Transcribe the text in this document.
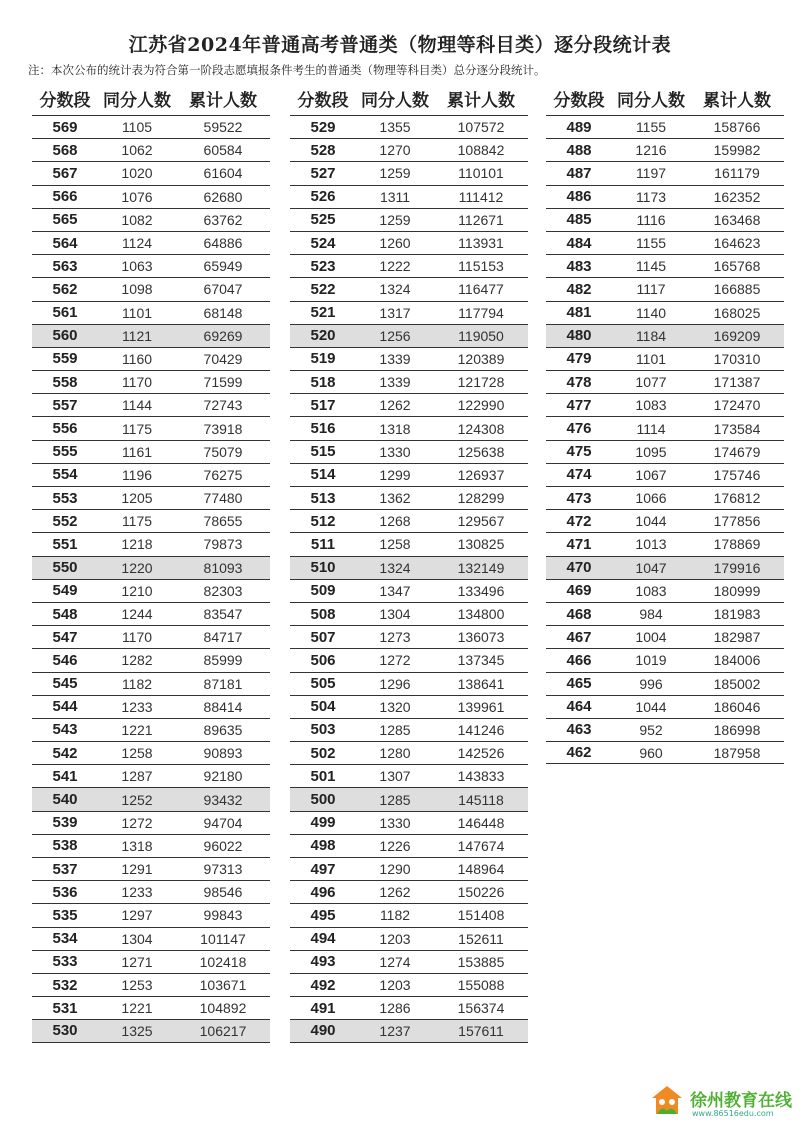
江苏省2024年普通高考普通类（物理等科目类）逐分段统计表
注：本次公布的统计表为符合第一阶段志愿填报条件考生的普通类（物理等科目类）总分逐分段统计。
分数段 同分人数	累计人数
569	1105	59522
568	1062	60584
567	1020	61604
566	1076	62680
565	1082	63762
564	1124	64886
563	1063	65949
562	1098	67047
561	1101	68148
560	1121	69269
559	1160	70429
558	1170	71599
557	1144	72743
556	1175	73918
555	1161	75079
554	1196	76275
553	1205	77480
552	1175	78655
551	1218	79873
550	1220	81093
549	1210	82303
548	1244	83547
547	1170	84717
546	1282	85999
545	1182	87181
544	1233	88414
543	1221	89635
542	1258	90893
541	1287	92180
540	1252	93432
539	1272	94704
538	1318	96022
537	1291	97313
536	1233	98546
535	1297	99843
534	1304	101147
533	1271	102418
532	1253	103671
531	1221	104892
530	1325	106217
分数段 同分人数	累计人数
529	1355	107572
528	1270	108842
527	1259	110101
526	1311	111412
525	1259	112671
524	1260	113931
523	1222	115153
522	1324	116477
521	1317	117794
520	1256	119050
519	1339	120389
518	1339	121728
517	1262	122990
516	1318	124308
515	1330	125638
514	1299	126937
513	1362	128299
512	1268	129567
511	1258	130825
510	1324	132149
509	1347	133496
508	1304	134800
507	1273	136073
506	1272	137345
505	1296	138641
504	1320	139961
503	1285	141246
502	1280	142526
501	1307	143833
500	1285	145118
499	1330	146448
498	1226	147674
497	1290	148964
496	1262	150226
495	1182	151408
494	1203	152611
493	1274	153885
492	1203	155088
491	1286	156374
490	1237	157611
分数段 同分人数	累计人数
489	1155	158766
488	1216	159982
487	1197	161179
486	1173	162352
485	1116	163468
484	1155	164623
483	1145	165768
482	1117	166885
481	1140	168025
480	1184	169209
479	1101	170310
478	1077	171387
477	1083	172470
476	1114	173584
475	1095	174679
474	1067	175746
473	1066	176812
472	1044	177856
471	1013	178869
470	1047	179916
469	1083	180999
468	984	181983
467	1004	182987
466	1019	184006
465	996	185002
464	1044	186046
463	952	186998
462	960	187958
徐州教育在线
www.86516edu.com
